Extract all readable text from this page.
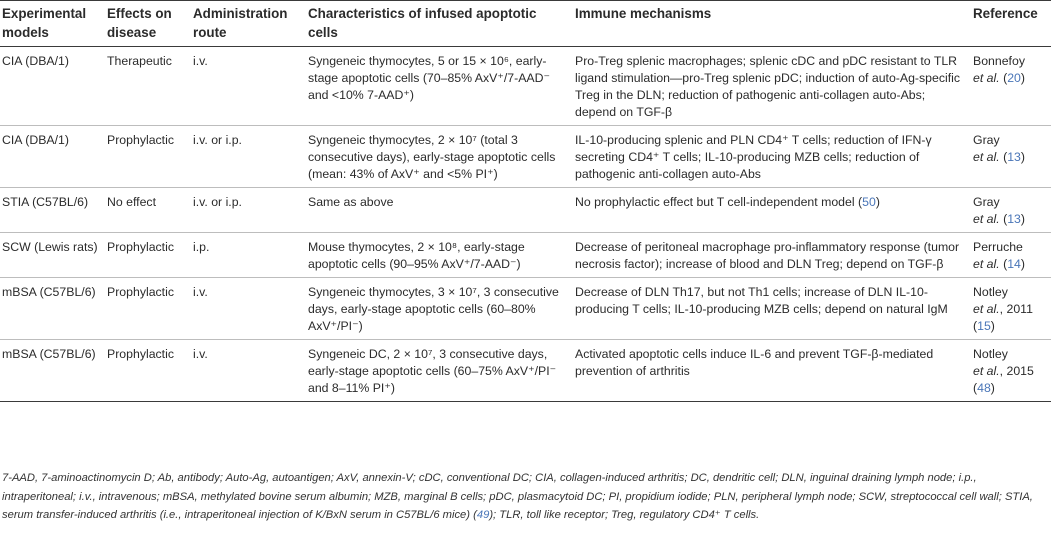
Experimental models	Effects on disease	Administration route	Characteristics of infused apoptotic cells	Immune mechanisms	Reference
CIA (DBA/1)	Therapeutic	i.v.	Syngeneic thymocytes, 5 or 15 × 10⁶, early-stage apoptotic cells (70–85% AxV⁺/7-AAD⁻ and <10% 7-AAD⁺)	Pro-Treg splenic macrophages; splenic cDC and pDC resistant to TLR ligand stimulation—pro-Treg splenic pDC; induction of auto-Ag-specific Treg in the DLN; reduction of pathogenic anti-collagen auto-Abs; depend on TGF-β	Bonnefoy
et al. (20)
CIA (DBA/1)	Prophylactic	i.v. or i.p.	Syngeneic thymocytes, 2 × 10⁷ (total 3 consecutive days), early-stage apoptotic cells (mean: 43% of AxV⁺ and <5% PI⁺)	IL-10-producing splenic and PLN CD4⁺ T cells; reduction of IFN-γ secreting CD4⁺ T cells; IL-10-producing MZB cells; reduction of pathogenic anti-collagen auto-Abs	Gray
et al. (13)
STIA (C57BL/6)	No effect	i.v. or i.p.	Same as above	No prophylactic effect but T cell-independent model (50)	Gray
et al. (13)
SCW (Lewis rats)	Prophylactic	i.p.	Mouse thymocytes, 2 × 10⁸, early-stage apoptotic cells (90–95% AxV⁺/7-AAD⁻)	Decrease of peritoneal macrophage pro-inflammatory response (tumor necrosis factor); increase of blood and DLN Treg; depend on TGF-β	Perruche
et al. (14)
mBSA (C57BL/6)	Prophylactic	i.v.	Syngeneic thymocytes, 3 × 10⁷, 3 consecutive days, early-stage apoptotic cells (60–80% AxV⁺/PI⁻)	Decrease of DLN Th17, but not Th1 cells; increase of DLN IL-10-producing T cells; IL-10-producing MZB cells; depend on natural IgM	Notley
et al., 2011 (15)
mBSA (C57BL/6)	Prophylactic	i.v.	Syngeneic DC, 2 × 10⁷, 3 consecutive days, early-stage apoptotic cells (60–75% AxV⁺/PI⁻ and 8–11% PI⁺)	Activated apoptotic cells induce IL-6 and prevent TGF-β-mediated prevention of arthritis	Notley
et al., 2015 (48)
7-AAD, 7-aminoactinomycin D; Ab, antibody; Auto-Ag, autoantigen; AxV, annexin-V; cDC, conventional DC; CIA, collagen-induced arthritis; DC, dendritic cell; DLN, inguinal draining lymph node; i.p., intraperitoneal; i.v., intravenous; mBSA, methylated bovine serum albumin; MZB, marginal B cells; pDC, plasmacytoid DC; PI, propidium iodide; PLN, peripheral lymph node; SCW, streptococcal cell wall; STIA, serum transfer-induced arthritis (i.e., intraperitoneal injection of K/BxN serum in C57BL/6 mice) (49); TLR, toll like receptor; Treg, regulatory CD4⁺ T cells.
